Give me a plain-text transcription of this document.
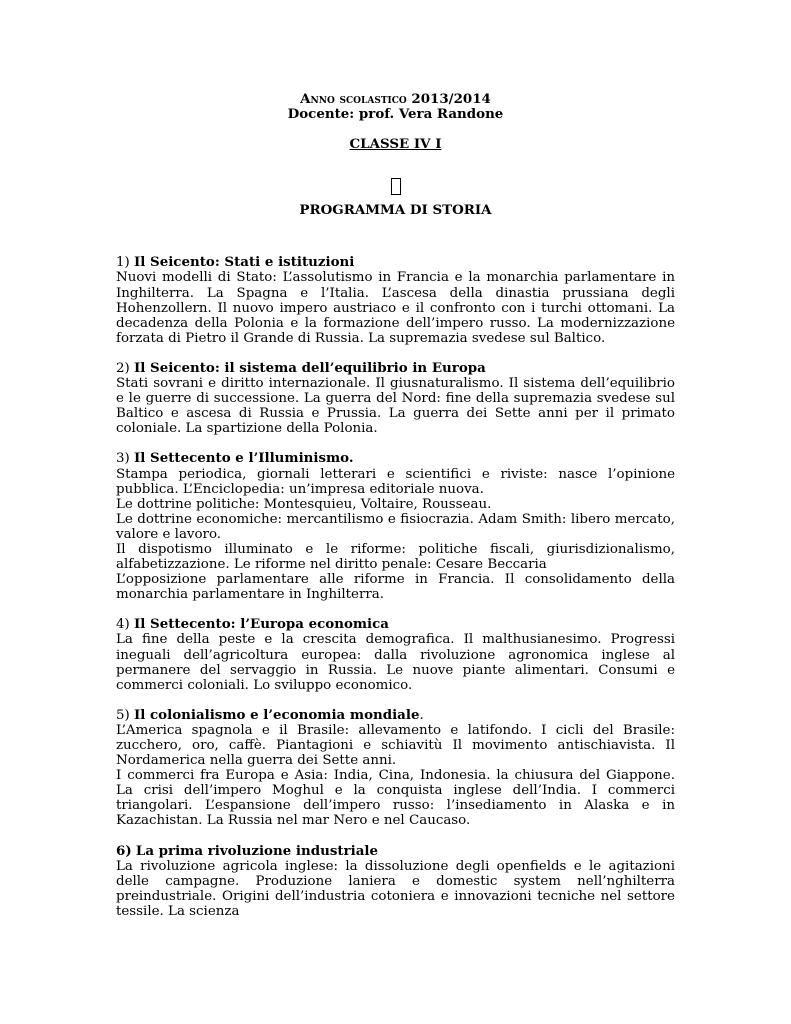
Anno scolastico 2013/2014
Docente: prof. Vera Randone
CLASSE IV I
PROGRAMMA DI STORIA
1) Il Seicento: Stati e istituzioni

Nuovi modelli di Stato: L’assolutismo in Francia e la monarchia parlamentare in Inghilterra. La Spagna e l’Italia. L’ascesa della dinastia prussiana degli Hohenzollern. Il nuovo impero austriaco e il confronto con i turchi ottomani. La decadenza della Polonia e la formazione dell’impero russo. La modernizzazione forzata di Pietro il Grande di Russia. La supremazia svedese sul Baltico.

2) Il Seicento: il sistema dell’equilibrio in Europa

Stati sovrani e diritto internazionale. Il giusnaturalismo. Il sistema dell’equilibrio e le guerre di successione. La guerra del Nord: fine della supremazia svedese sul Baltico e ascesa di Russia e Prussia. La guerra dei Sette anni per il primato coloniale. La spartizione della Polonia.

3) Il Settecento e l’Illuminismo.

Stampa periodica, giornali letterari e scientifici e riviste: nasce l’opinione pubblica. L’Enciclopedia: un’impresa editoriale nuova.

Le dottrine politiche: Montesquieu, Voltaire, Rousseau.

Le dottrine economiche: mercantilismo e fisiocrazia. Adam Smith: libero mercato, valore e lavoro.

Il dispotismo illuminato e le riforme: politiche fiscali, giurisdizionalismo, alfabetizzazione. Le riforme nel diritto penale: Cesare Beccaria

L’opposizione parlamentare alle riforme in Francia. Il consolidamento della monarchia parlamentare in Inghilterra.

4) Il Settecento: l’Europa economica

La fine della peste e la crescita demografica. Il malthusianesimo. Progressi ineguali dell’agricoltura europea: dalla rivoluzione agronomica inglese al permanere del servaggio in Russia. Le nuove piante alimentari. Consumi e commerci coloniali. Lo sviluppo economico.

5) Il colonialismo e l’economia mondiale.

L’America spagnola e il Brasile: allevamento e latifondo. I cicli del Brasile: zucchero, oro, caffè. Piantagioni e schiavitù Il movimento antischiavista. Il Nordamerica nella guerra dei Sette anni.

I commerci fra Europa e Asia: India, Cina, Indonesia. la chiusura del Giappone. La crisi dell’impero Moghul e la conquista inglese dell’India. I commerci triangolari. L’espansione dell’impero russo: l’insediamento in Alaska e in Kazachistan. La Russia nel mar Nero e nel Caucaso.

6) La prima rivoluzione industriale

La rivoluzione agricola inglese: la dissoluzione degli openfields e le agitazioni delle campagne. Produzione laniera e domestic system nell’nghilterra preindustriale. Origini dell’industria cotoniera e innovazioni tecniche nel settore tessile. La scienza
